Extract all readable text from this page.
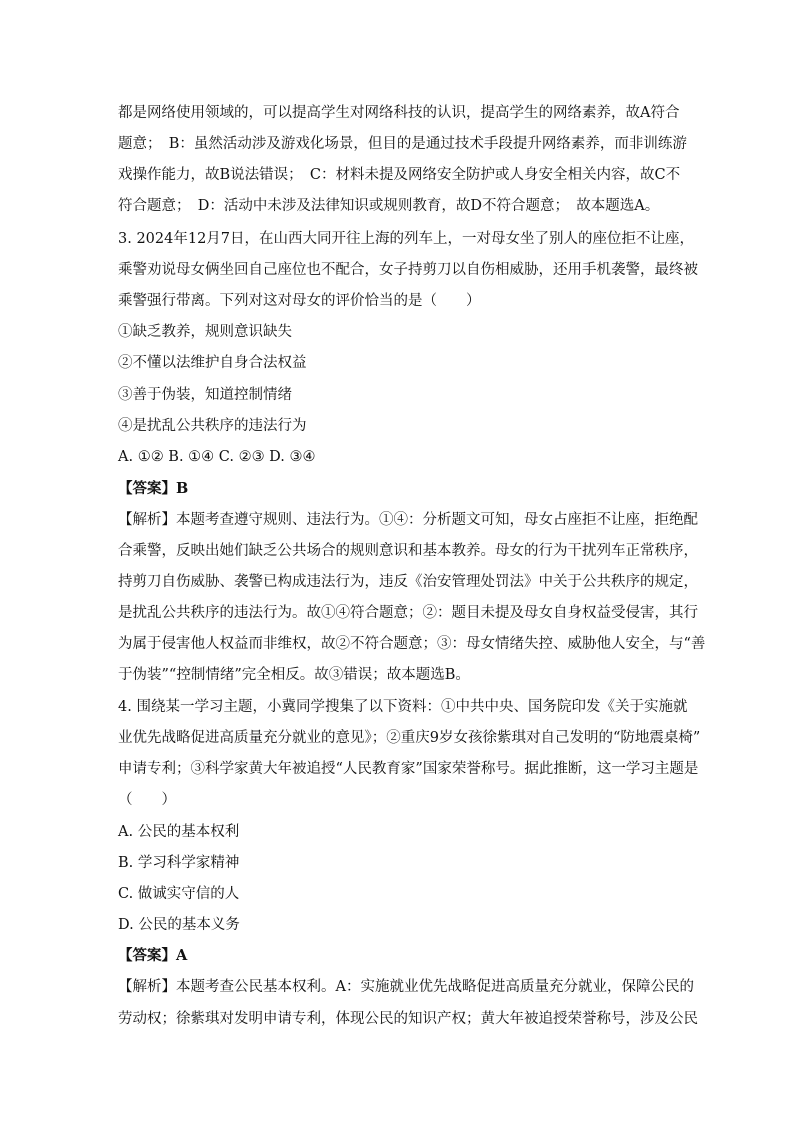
都是网络使用领域的，可以提高学生对网络科技的认识，提高学生的网络素养，故A符合
题意；　B：虽然活动涉及游戏化场景，但目的是通过技术手段提升网络素养，而非训练游
戏操作能力，故B说法错误；　C：材料未提及网络安全防护或人身安全相关内容，故C不
符合题意；　D：活动中未涉及法律知识或规则教育，故D不符合题意；　故本题选A。
3. 2024年12月7日，在山西大同开往上海的列车上，一对母女坐了别人的座位拒不让座，
乘警劝说母女俩坐回自己座位也不配合，女子持剪刀以自伤相威胁，还用手机袭警，最终被
乘警强行带离。下列对这对母女的评价恰当的是（　　）
①缺乏教养，规则意识缺失
②不懂以法维护自身合法权益
③善于伪装，知道控制情绪
④是扰乱公共秩序的违法行为
A. ①② B. ①④ C. ②③ D. ③④
【答案】B
【解析】本题考查遵守规则、违法行为。①④：分析题文可知，母女占座拒不让座，拒绝配
合乘警，反映出她们缺乏公共场合的规则意识和基本教养。母女的行为干扰列车正常秩序，
持剪刀自伤威胁、袭警已构成违法行为，违反《治安管理处罚法》中关于公共秩序的规定，
是扰乱公共秩序的违法行为。故①④符合题意；②：题目未提及母女自身权益受侵害，其行
为属于侵害他人权益而非维权，故②不符合题意；③：母女情绪失控、威胁他人安全，与“善
于伪装”“控制情绪”完全相反。故③错误；故本题选B。
4. 围绕某一学习主题，小冀同学搜集了以下资料：①中共中央、国务院印发《关于实施就
业优先战略促进高质量充分就业的意见》；②重庆9岁女孩徐紫琪对自己发明的“防地震桌椅”
申请专利；③科学家黄大年被追授“人民教育家”国家荣誉称号。据此推断，这一学习主题是
（　　）
A. 公民的基本权利
B. 学习科学家精神
C. 做诚实守信的人
D. 公民的基本义务
【答案】A
【解析】本题考查公民基本权利。A：实施就业优先战略促进高质量充分就业，保障公民的
劳动权；徐紫琪对发明申请专利，体现公民的知识产权；黄大年被追授荣誉称号，涉及公民
